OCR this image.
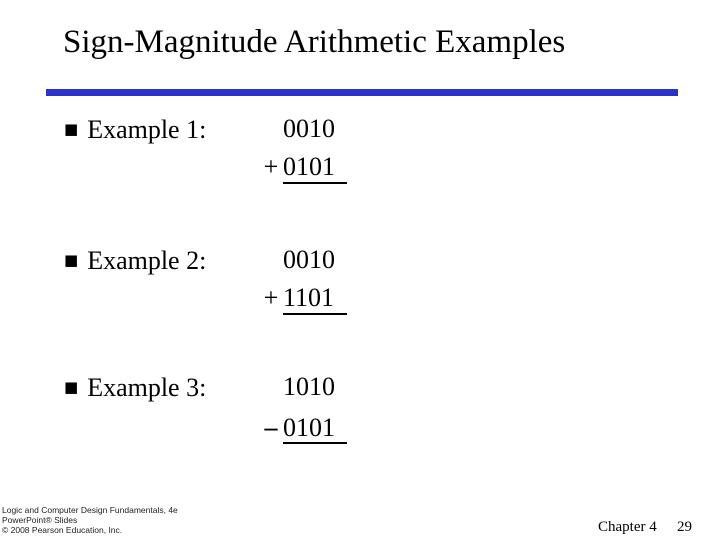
Sign-Magnitude Arithmetic Examples
■ Example 1:	0010
+ 0101
■ Example 2:	0010
+ 1101
■ Example 3:	1010
– 0101
Logic and Computer Design Fundamentals, 4e
PowerPoint® Slides
© 2008 Pearson Education, Inc.	Chapter 4 29
